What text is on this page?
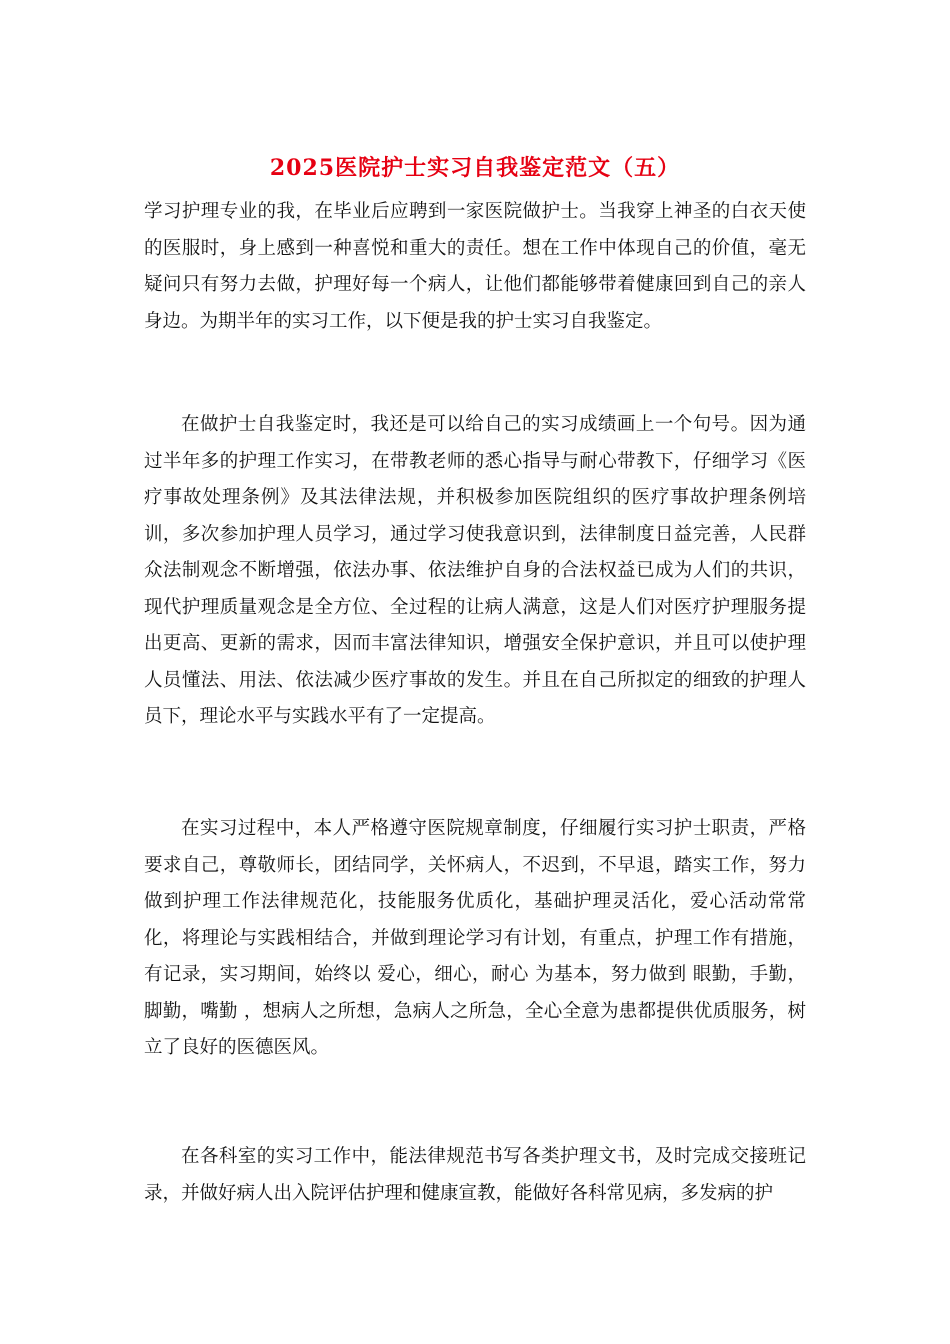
2025医院护士实习自我鉴定范文（五）

学习护理专业的我，在毕业后应聘到一家医院做护士。当我穿上神圣的白衣天使的医服时，身上感到一种喜悦和重大的责任。想在工作中体现自己的价值，毫无疑问只有努力去做，护理好每一个病人，让他们都能够带着健康回到自己的亲人身边。为期半年的实习工作，以下便是我的护士实习自我鉴定。

在做护士自我鉴定时，我还是可以给自己的实习成绩画上一个句号。因为通过半年多的护理工作实习，在带教老师的悉心指导与耐心带教下，仔细学习《医疗事故处理条例》及其法律法规，并积极参加医院组织的医疗事故护理条例培训，多次参加护理人员学习，通过学习使我意识到，法律制度日益完善，人民群众法制观念不断增强，依法办事、依法维护自身的合法权益已成为人们的共识，现代护理质量观念是全方位、全过程的让病人满意，这是人们对医疗护理服务提出更高、更新的需求，因而丰富法律知识，增强安全保护意识，并且可以使护理人员懂法、用法、依法减少医疗事故的发生。并且在自己所拟定的细致的护理人员下，理论水平与实践水平有了一定提高。

在实习过程中，本人严格遵守医院规章制度，仔细履行实习护士职责，严格要求自己，尊敬师长，团结同学，关怀病人，不迟到，不早退，踏实工作，努力做到护理工作法律规范化，技能服务优质化，基础护理灵活化，爱心活动常常化，将理论与实践相结合，并做到理论学习有计划，有重点，护理工作有措施，有记录，实习期间，始终以 爱心，细心，耐心 为基本，努力做到 眼勤，手勤，脚勤，嘴勤 ，想病人之所想，急病人之所急，全心全意为患都提供优质服务，树立了良好的医德医风。

在各科室的实习工作中，能法律规范书写各类护理文书，及时完成交接班记录，并做好病人出入院评估护理和健康宣教，能做好各科常见病，多发病的护
